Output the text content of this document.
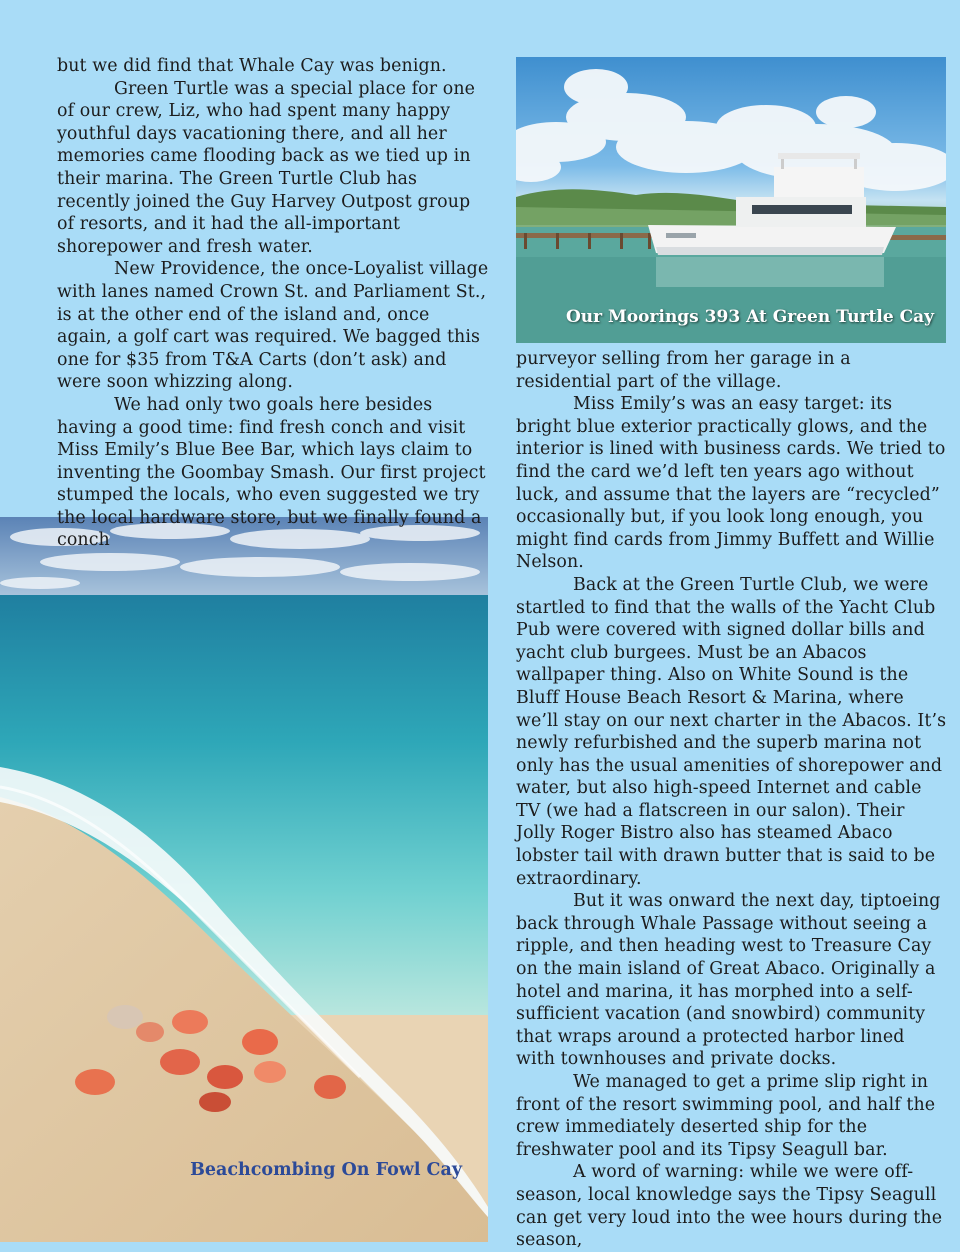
Our Moorings 393 At Green Turtle Cay
Beachcombing On Fowl Cay

but we did find that Whale Cay was benign.

Green Turtle was a special place for one of our crew, Liz, who had spent many happy youthful days vacationing there, and all her memories came flooding back as we tied up in their marina. The Green Turtle Club has recently joined the Guy Harvey Outpost group of resorts, and it had the all-important shorepower and fresh water.

New Providence, the once-Loyalist village with lanes named Crown St. and Parliament St., is at the other end of the island and, once again, a golf cart was required. We bagged this one for $35 from T&A Carts (don’t ask) and were soon whizzing along.

We had only two goals here besides having a good time: find fresh conch and visit Miss Emily’s Blue Bee Bar, which lays claim to inventing the Goombay Smash. Our first project stumped the locals, who even suggested we try the local hardware store, but we finally found a conch

purveyor selling from her garage in a residential part of the village.

Miss Emily’s was an easy target: its bright blue exterior practically glows, and the interior is lined with business cards. We tried to find the card we’d left ten years ago without luck, and assume that the layers are “recycled” occasionally but, if you look long enough, you might find cards from Jimmy Buffett and Willie Nelson.

Back at the Green Turtle Club, we were startled to find that the walls of the Yacht Club Pub were covered with signed dollar bills and yacht club burgees. Must be an Abacos wallpaper thing. Also on White Sound is the Bluff House Beach Resort & Marina, where we’ll stay on our next charter in the Abacos. It’s newly refurbished and the superb marina not only has the usual amenities of shorepower and water, but also high-speed Internet and cable TV (we had a flatscreen in our salon). Their Jolly Roger Bistro also has steamed Abaco lobster tail with drawn butter that is said to be extraordinary.

But it was onward the next day, tiptoeing back through Whale Passage without seeing a ripple, and then heading west to Treasure Cay on the main island of Great Abaco. Originally a hotel and marina, it has morphed into a self-sufficient vacation (and snowbird) community that wraps around a protected harbor lined with townhouses and private docks.

We managed to get a prime slip right in front of the resort swimming pool, and half the crew immediately deserted ship for the freshwater pool and its Tipsy Seagull bar.

A word of warning: while we were off-season, local knowledge says the Tipsy Seagull can get very loud into the wee hours during the season,
